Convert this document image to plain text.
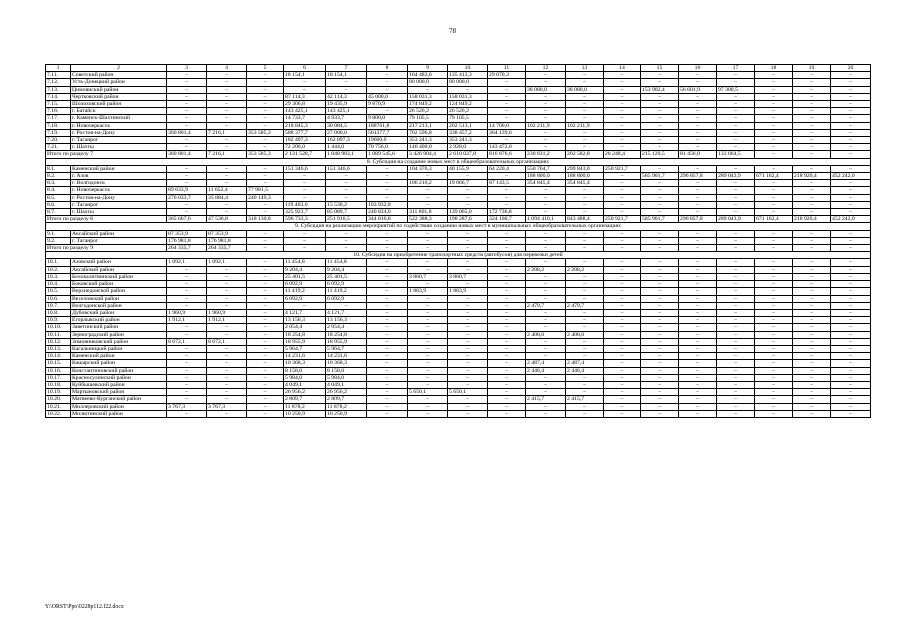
78
1	2	3	4	5	6	7	8	9	10	11	12	13	14	15	16	17	18	19	20
7.11.	Советский район	–	–	–	18 154,1	18 154,1	–	164 483,6	135 413,3	29 070,3	–	–	–	–	–	–	–	–	–
7.12.	Усть-Донецкий район	–	–	–	–	–	–	80 000,0	80 000,0	–	–	–	–	–	–	–	–	–	–
7.13.	Цимлянский район	–	–	–	–	–	–	–	–	–	38 080,0	38 080,0	–	153 902,4	56 601,9	97 300,5	–	–	–
7.14.	Чертковский район	–	–	–	87 114,3	42 114,3	45 000,0	158 031,3	158 031,3	–	–	–	–	–	–	–	–	–	–
7.15.	Шолоховский район	–	–	–	29 306,8	19 435,9	9 870,9	174 849,2	124 849,2	–	–	–	–	–	–	–	–	–	–
7.16.	г. Батайск	–	–	–	143 425,1	143 425,1	–	26 526,2	26 526,2	–	–	–	–	–	–	–	–	–	–
7.17.	г. Каменск-Шахтинский	–	–	–	14 733,7	4 933,7	9 800,0	79 105,5	79 105,5	–	–	–	–	–	–	–	–	–	–
7.18.	г. Новочеркасск	–	–	–	218 845,3	30 084,5	188761,8	217 213,1	202 513,1	14 700,0	102 211,9	102 211,9	–	–	–	–	–	–	–
7.19.	г. Ростов-на-Дону	360 801,4	7 216,1	353 585,3	588 377,7	27 000,0	561377,7	702 596,8	338 457,2	364 139,6	–	–	–	–	–	–	–	–	–
7.20.	г. Таганрог	–	–	–	182 497,3	162 897,3	19600,0	353 241,3	353 241,3	–	–	–	–	–	–	–	–	–	–
7.21.	г. Шахты	–	–	–	72 200,0	1 444,0	70 756,0	146 400,0	2 928,0	143 472,0	–	–	–	–	–	–	–	–	–
Итого по разделу 7		360 801,4	7 216,1	353 585,3	2 131 528,7	1 048 983,1	1 089 545,6	3 426 904,4	2 610 027,8	816 876,6	230 831,2	202 582,8	28 248,4	215 120,5	81 456,0	133 664,5	–	–	–
8. Субсидия на создание новых мест в общеобразовательных организациях																			
8.1.	Каменский район	–	–	–	151 346,6	151 346,6	–	104 376,3	40 155,9	64 220,4	550 764,7	299 843,0	250 921,7	–	–	–	–	–	–
8.2.	г. Азов	–	–	–	–	–	–	–	–	–	188 800,0	188 800,0	–	585 901,7	296 857,8	289 043,9	671 162,4	218 920,4	452 242,0
8.3.	г. Волгодонск	–	–	–	–	–	–	106 210,2	19 066,7	87 143,5	354 845,4	354 845,4	–	–	–	–	–	–	–
8.4.	г. Новочеркасск	89 633,9	11 652,4	77 981,5	–	–	–	–	–	–	–	–	–	–	–	–	–	–	–
8.5.	г. Ростов-на-Дону	276 033,7	35 884,4	240 149,3	–	–	–	–	–	–	–	–	–	–	–	–	–	–	–
8.6.	г. Таганрог	–	–	–	119 463,0	15 530,2	103 932,8	–	–	–	–	–	–	–	–	–	–	–	–
8.7.	г. Шахты	–	–	–	325 923,7	85 089,7	240 834,0	311 801,8	139 065,0	172 736,8	–	–	–	–	–	–	–	–	–
Итого по разделу 8		365 667,6	47 536,8	318 130,8	596 733,3	251 916,5	344 816,8	522 388,3	198 287,6	324 100,7	1 094 410,1	843 488,4	250 921,7	585 901,7	296 857,8	289 043,9	671 162,4	218 920,4	452 242,0
9. Субсидия на реализацию мероприятий по содействию созданию новых мест в муниципальных общеобразовательных организациях																			
9.1.	Аксайский район	87 353,9	87 353,9	–	–	–	–	–	–	–	–	–	–	–	–	–	–	–	–
9.2.	г. Таганрог	176 981,8	176 981,8	–	–	–	–	–	–	–	–	–	–	–	–	–	–	–	–
Итого по разделу 9		264 335,7	264 335,7	–	–	–	–	–	–	–	–	–	–	–	–	–	–	–	–
10. Субсидия на приобретение транспортных средств (автобусов) для перевозки детей																			
10.1.	Азовский район	1 092,1	1 092,1	–	11 454,8	11 454,8	–	–	–	–	–	–	–	–	–	–	–	–	–
10.2.	Аксайский район	–	–	–	9 204,4	9 204,4	–	–	–	–	2 208,2	2 208,2	–	–	–	–	–	–	–
10.3.	Белокалитвинский район	–	–	–	25 401,5	25 401,5	–	3 860,7	3 860,7	–	–	–	–	–	–	–	–	–	–
10.4.	Боковский район	–	–	–	6 092,9	6 092,9	–	–	–	–	–	–	–	–	–	–	–	–	–
10.5.	Верхнедонской район	–	–	–	11 419,2	11 419,2	–	1 883,9	1 883,9	–	–	–	–	–	–	–	–	–	–
10.6.	Веселовский район	–	–	–	6 092,9	6 092,9	–	–	–	–	–	–	–	–	–	–	–	–	–
10.7.	Волгодонской район	–	–	–	–	–	–	–	–	–	2 479,7	2 479,7	–	–	–	–	–	–	–
10.8.	Дубовский район	1 960,9	1 960,9	–	4 121,7	4 121,7	–	–	–	–	–	–	–	–	–	–	–	–	–
10.9.	Егорлыкский район	1 912,1	1 912,1	–	13 156,3	13 156,3	–	–	–	–	–	–	–	–	–	–	–	–	–
10.10.	Заветинский район	–	–	–	2 054,4	2 054,4	–	–	–	–	–	–	–	–	–	–	–	–	–
10.11.	Зерноградский район	–	–	–	18 254,8	18 254,8	–	–	–	–	2 408,0	2 408,0	–	–	–	–	–	–	–
10.12.	Зимовниковский район	8 672,1	8 672,1	–	18 955,9	18 955,9	–	–	–	–	–	–	–	–	–	–	–	–	–
10.13.	Кагальницкий район	–	–	–	5 964,7	5 964,7	–	–	–	–	–	–	–	–	–	–	–	–	–
10.14.	Каменский район	–	–	–	14 231,6	14 231,6	–	–	–	–	–	–	–	–	–	–	–	–	–
10.15.	Кашарский район	–	–	–	10 368,3	10 368,3	–	–	–	–	2 487,4	2 487,4	–	–	–	–	–	–	–
10.16.	Константиновский район	–	–	–	8 158,0	8 158,0	–	–	–	–	2 446,4	2 446,4	–	–	–	–	–	–	–
10.17.	Красносулинский район	–	–	–	5 984,0	5 984,0	–	–	–	–	–	–	–	–	–	–	–	–	–
10.18.	Куйбышевский район	–	–	–	4 049,1	4 049,1	–	–	–	–	–	–	–	–	–	–	–	–	–
10.19.	Мартыновский район	–	–	–	26 956,2	26 956,2	–	5 650,1	5 650,1	–	–	–	–	–	–	–	–	–	–
10.20.	Матвеево-Курганский район	–	–	–	2 809,7	2 809,7	–	–	–	–	2 415,7	2 415,7	–	–	–	–	–	–	–
10.21.	Миллеровский район	3 767,3	3 767,3	–	11 878,2	11 878,2	–	–	–	–	–	–	–	–	–	–	–	–	–
10.22.	Милютинский район	–	–	–	10 250,9	10 250,9	–	–	–	–	–	–	–	–	–	–	–	–	–
Y:\ORST\Ppo\0228p112.f22.docx
